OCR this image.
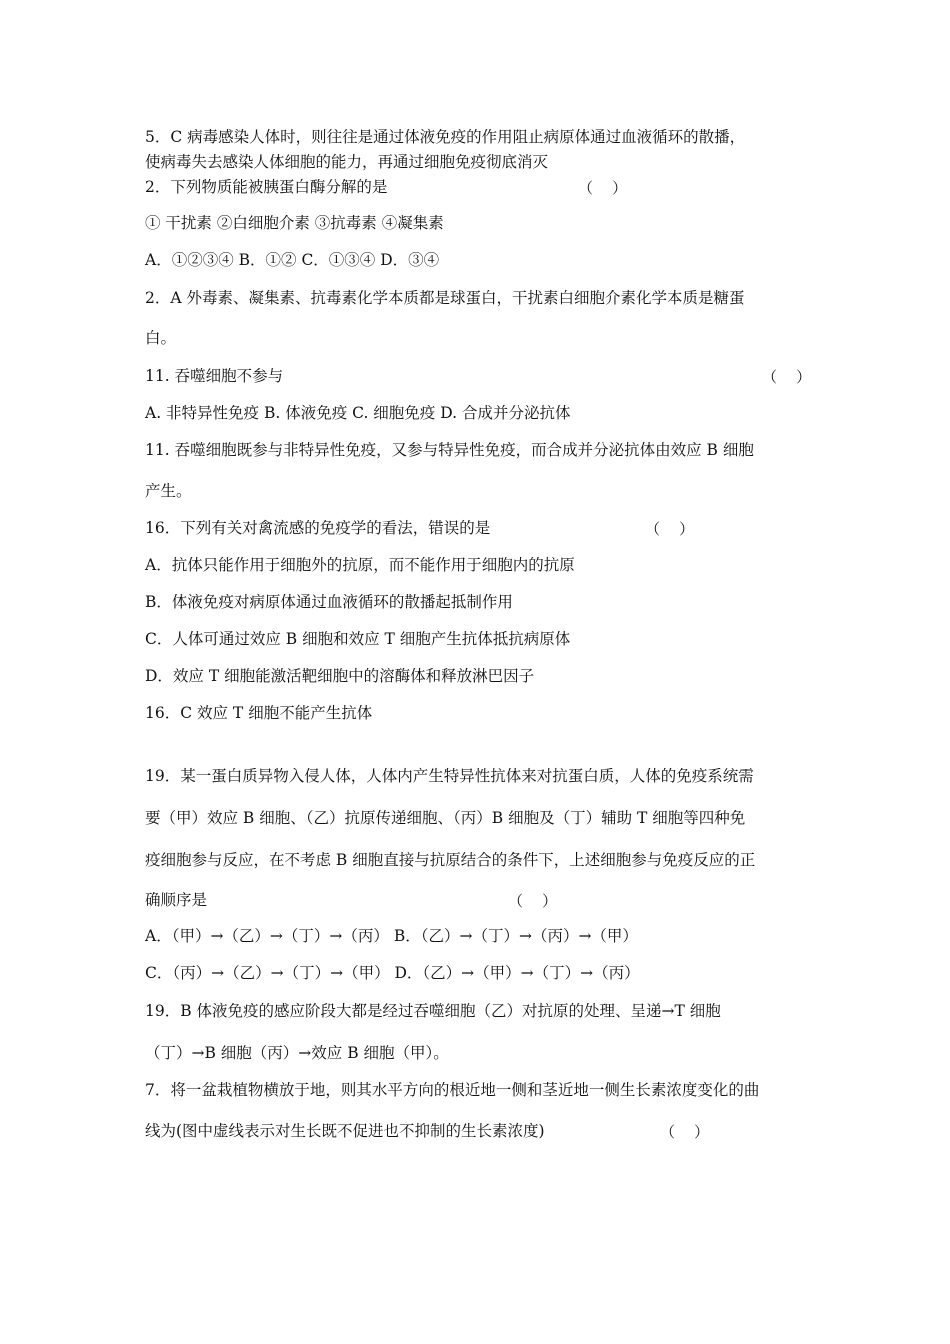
5．C 病毒感染人体时，则往往是通过体液免疫的作用阻止病原体通过血液循环的散播，

使病毒失去感染人体细胞的能力，再通过细胞免疫彻底消灭

2．下列物质能被胰蛋白酶分解的是

① 干扰素 ②白细胞介素 ③抗毒素 ④凝集素

A．①②③④ B．①② C．①③④ D．③④

2．A 外毒素、凝集素、抗毒素化学本质都是球蛋白，干扰素白细胞介素化学本质是糖蛋

白。

11. 吞噬细胞不参与

A. 非特异性免疫 B. 体液免疫 C. 细胞免疫 D. 合成并分泌抗体

11. 吞噬细胞既参与非特异性免疫，又参与特异性免疫，而合成并分泌抗体由效应 B 细胞

产生。

16．下列有关对禽流感的免疫学的看法，错误的是

A．抗体只能作用于细胞外的抗原，而不能作用于细胞内的抗原

B．体液免疫对病原体通过血液循环的散播起抵制作用

C．人体可通过效应 B 细胞和效应 T 细胞产生抗体抵抗病原体

D．效应 T 细胞能激活靶细胞中的溶酶体和释放淋巴因子

16．C 效应 T 细胞不能产生抗体

19．某一蛋白质异物入侵人体，人体内产生特异性抗体来对抗蛋白质，人体的免疫系统需

要（甲）效应 B 细胞、（乙）抗原传递细胞、（丙）B 细胞及（丁）辅助 T 细胞等四种免

疫细胞参与反应，在不考虑 B 细胞直接与抗原结合的条件下，上述细胞参与免疫反应的正

确顺序是

A．（甲）→（乙）→（丁）→（丙） B．（乙）→（丁）→（丙）→（甲）

C．（丙）→（乙）→（丁）→（甲） D．（乙）→（甲）→（丁）→（丙）

19．B 体液免疫的感应阶段大都是经过吞噬细胞（乙）对抗原的处理、呈递→T 细胞

（丁）→B 细胞（丙）→效应 B 细胞（甲）。

7．将一盆栽植物横放于地，则其水平方向的根近地一侧和茎近地一侧生长素浓度变化的曲

线为(图中虚线表示对生长既不促进也不抑制的生长素浓度)

（    ）
（    ）
（    ）
（    ）
（    ）
